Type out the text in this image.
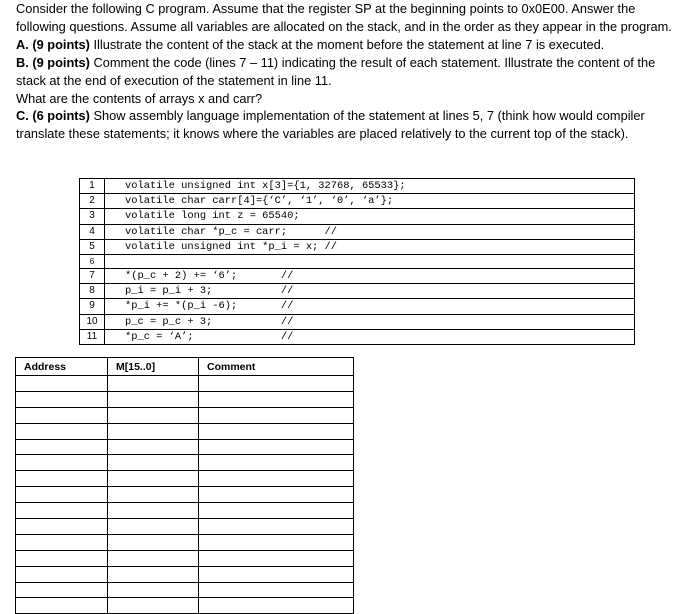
Consider the following C program. Assume that the register SP at the beginning points to 0x0E00. Answer the following questions. Assume all variables are allocated on the stack, and in the order as they appear in the program.

A. (9 points) Illustrate the content of the stack at the moment before the statement at line 7 is executed.

B. (9 points) Comment the code (lines 7 – 11) indicating the result of each statement. Illustrate the content of the stack at the end of execution of the statement in line 11.

What are the contents of arrays x and carr?

C. (6 points) Show assembly language implementation of the statement at lines 5, 7 (think how would compiler translate these statements; it knows where the variables are placed relatively to the current top of the stack).

1	volatile unsigned int x[3]={1, 32768, 65533};
2	volatile char carr[4]={‘C’, ‘1’, ‘0’, ‘a’};
3	volatile long int z = 65540;
4	volatile char *p_c = carr;      //
5	volatile unsigned int *p_i = x; //
6	
7	*(p_c + 2) += ‘6’;       //
8	p_i = p_i + 3;           //
9	*p_i += *(p_i -6);       //
10	p_c = p_c + 3;           //
11	*p_c = ‘A’;              //
Address	M[15..0]	Comment
